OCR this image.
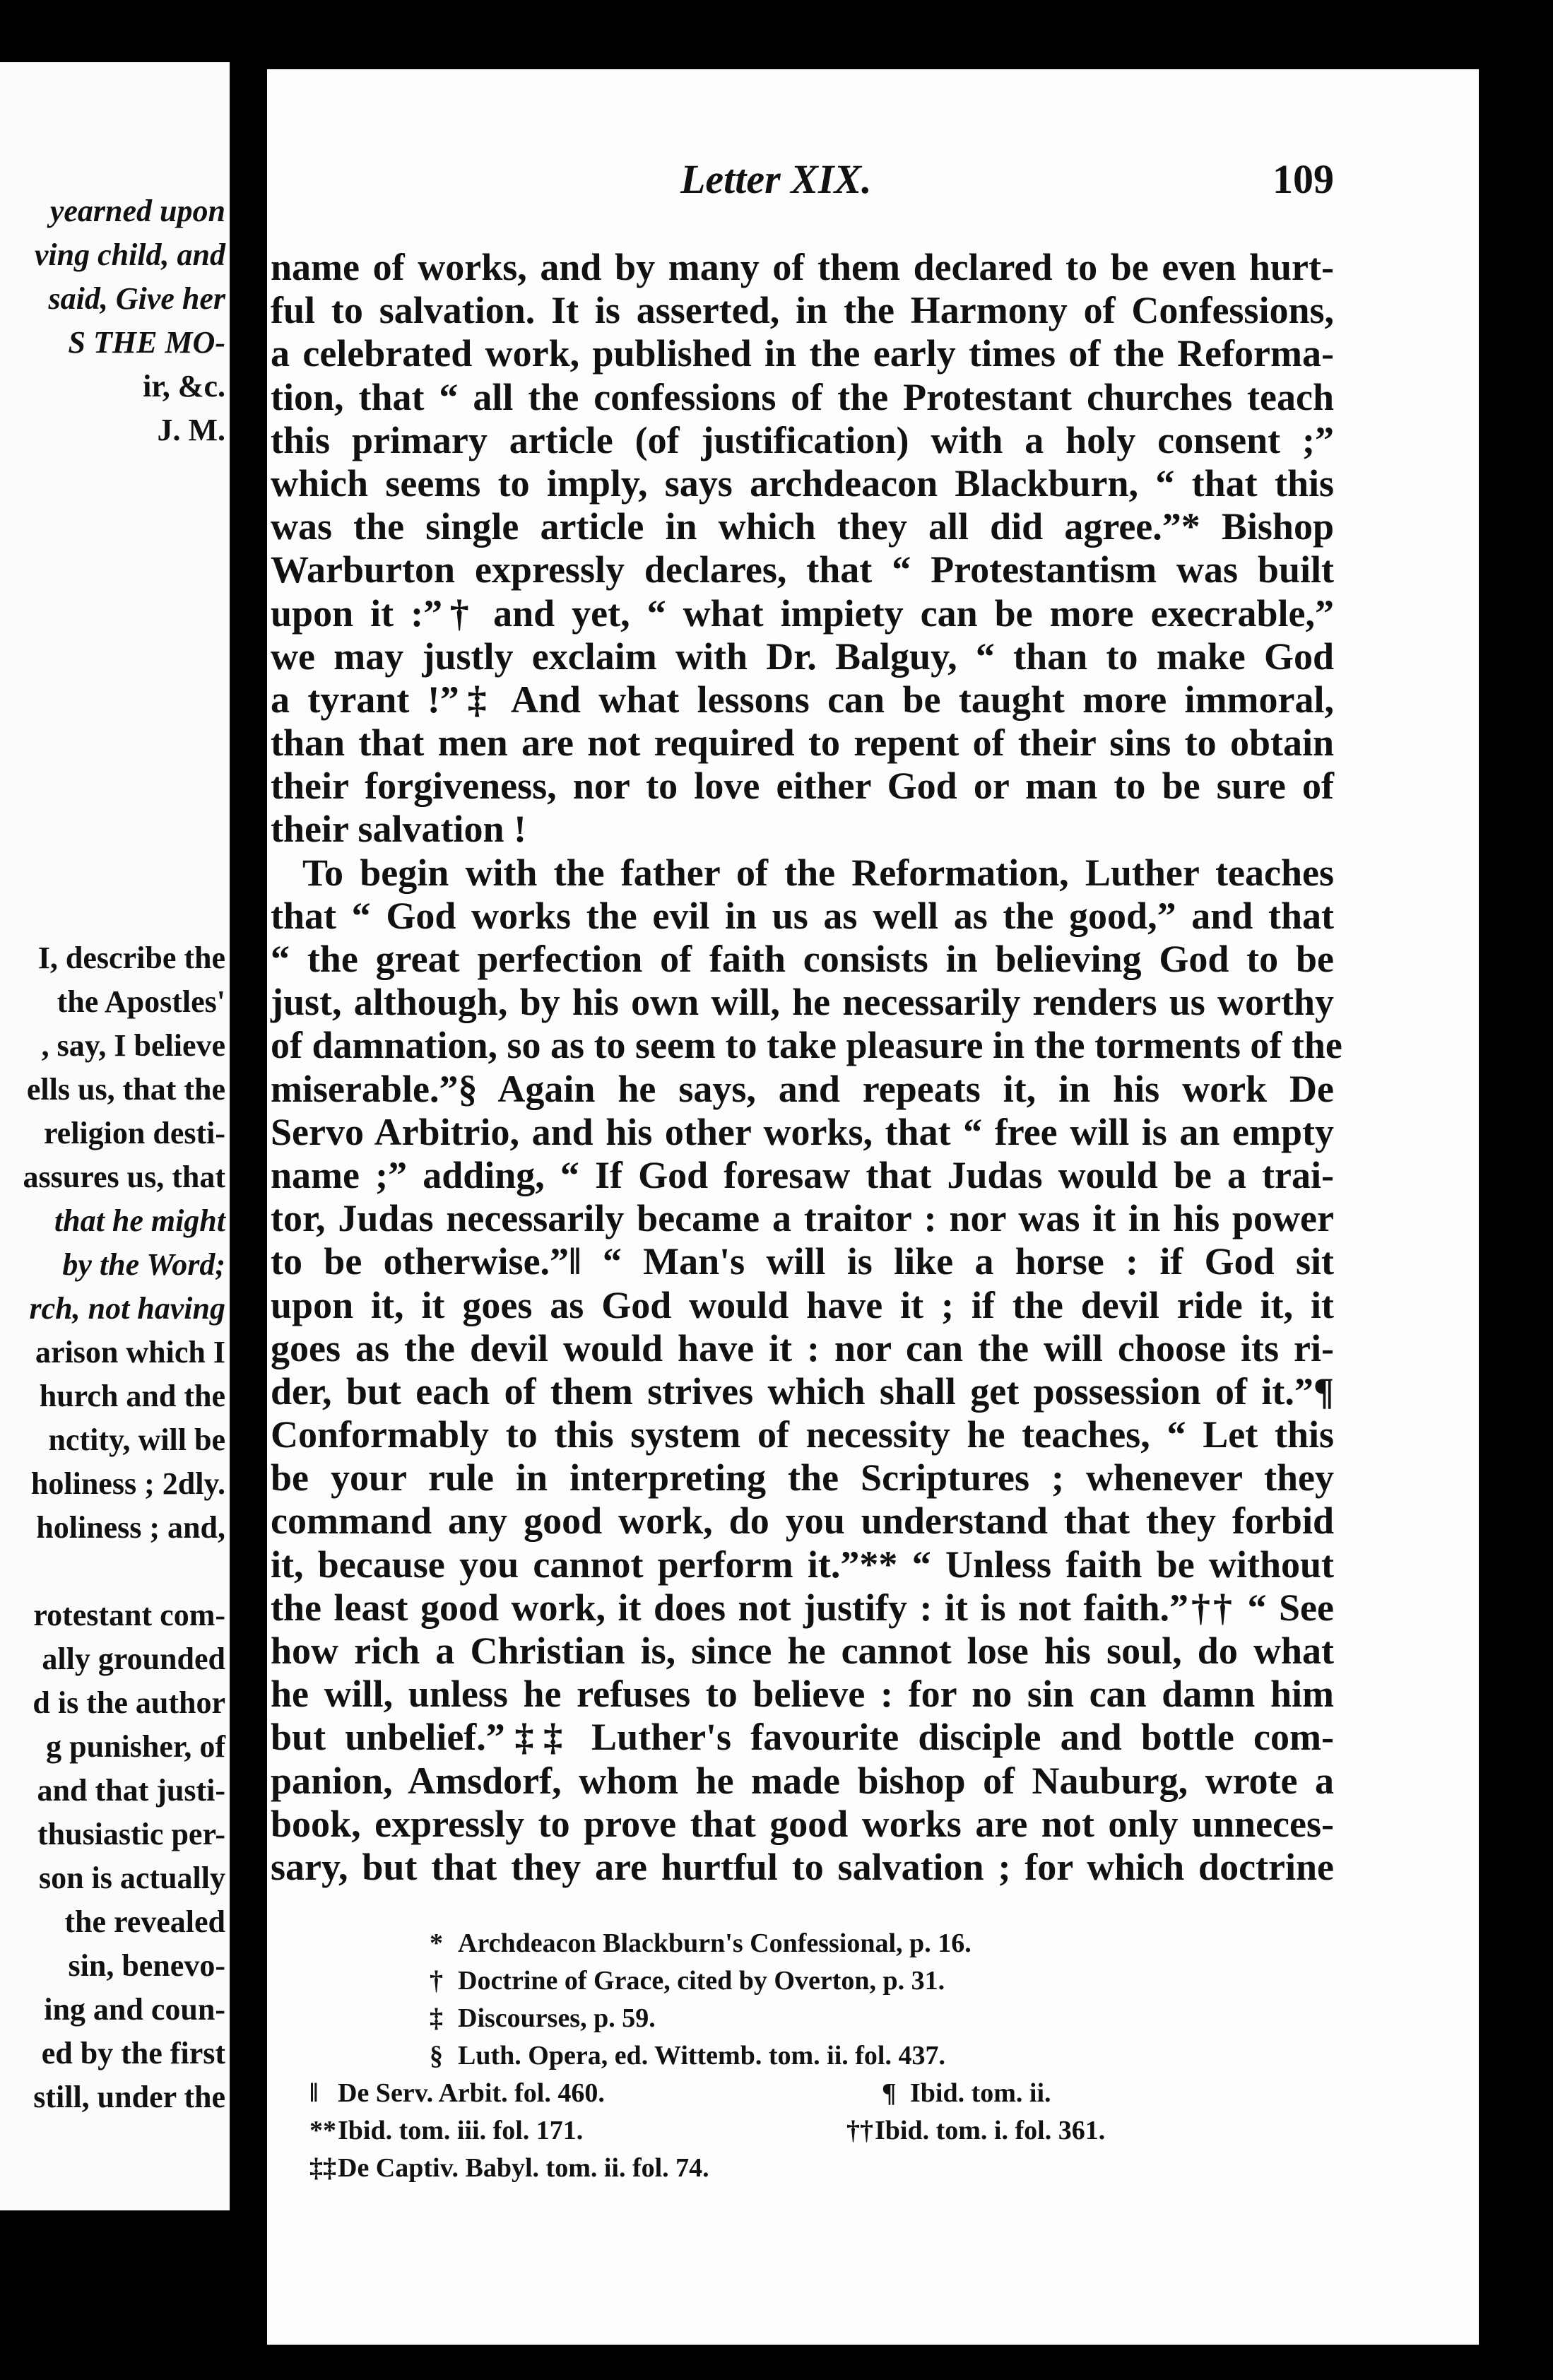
yearned upon
ving child, and
said, Give her
S THE MO-
ir, &c.
J. M.
I, describe the
the Apostles'
, say, I believe
ells us, that the
religion desti-
assures us, that
that he might
by the Word;
rch, not having
arison which I
hurch and the
nctity, will be
holiness ; 2dly.
holiness ; and,
rotestant com-
ally grounded
d is the author
g punisher, of
and that justi-
thusiastic per-
son is actually
the revealed
sin, benevo-
ing and coun-
ed by the first
still, under the
Letter XIX.	109
name of works, and by many of them declared to be even hurt-
ful to salvation. It is asserted, in the Harmony of Confessions,
a celebrated work, published in the early times of the Reforma-
tion, that “ all the confessions of the Protestant churches teach
this primary article (of justification) with a holy consent ;”
which seems to imply, says archdeacon Blackburn, “ that this
was the single article in which they all did agree.”* Bishop
Warburton expressly declares, that “ Protestantism was built
upon it :”† and yet, “ what impiety can be more execrable,”
we may justly exclaim with Dr. Balguy, “ than to make God
a tyrant !”‡ And what lessons can be taught more immoral,
than that men are not required to repent of their sins to obtain
their forgiveness, nor to love either God or man to be sure of
their salvation !
To begin with the father of the Reformation, Luther teaches
that “ God works the evil in us as well as the good,” and that
“ the great perfection of faith consists in believing God to be
just, although, by his own will, he necessarily renders us worthy
of damnation, so as to seem to take pleasure in the torments of the
miserable.”§ Again he says, and repeats it, in his work De
Servo Arbitrio, and his other works, that “ free will is an empty
name ;” adding, “ If God foresaw that Judas would be a trai-
tor, Judas necessarily became a traitor : nor was it in his power
to be otherwise.”‖ “ Man's will is like a horse : if God sit
upon it, it goes as God would have it ; if the devil ride it, it
goes as the devil would have it : nor can the will choose its ri-
der, but each of them strives which shall get possession of it.”¶
Conformably to this system of necessity he teaches, “ Let this
be your rule in interpreting the Scriptures ; whenever they
command any good work, do you understand that they forbid
it, because you cannot perform it.”** “ Unless faith be without
the least good work, it does not justify : it is not faith.”†† “ See
how rich a Christian is, since he cannot lose his soul, do what
he will, unless he refuses to believe : for no sin can damn him
but unbelief.”‡‡ Luther's favourite disciple and bottle com-
panion, Amsdorf, whom he made bishop of Nauburg, wrote a
book, expressly to prove that good works are not only unneces-
sary, but that they are hurtful to salvation ; for which doctrine
* Archdeacon Blackburn's Confessional, p. 16.
† Doctrine of Grace, cited by Overton, p. 31.
‡ Discourses, p. 59.
§ Luth. Opera, ed. Wittemb. tom. ii. fol. 437.
‖ De Serv. Arbit. fol. 460.	¶ Ibid. tom. ii.
**Ibid. tom. iii. fol. 171.	††Ibid. tom. i. fol. 361.
‡‡De Captiv. Babyl. tom. ii. fol. 74.
